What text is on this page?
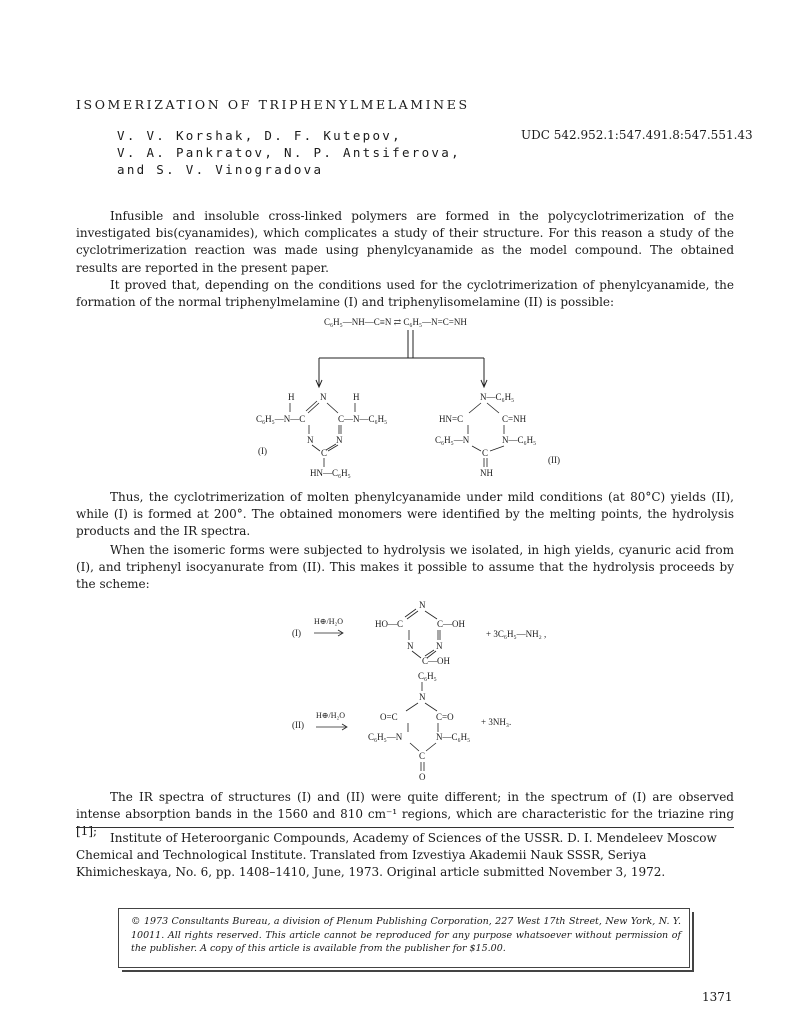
ISOMERIZATION OF TRIPHENYLMELAMINES
V. V. Korshak, D. F. Kutepov,
V. A. Pankratov, N. P. Antsiferova,
and S. V. Vinogradova
UDC 542.952.1:547.491.8:547.551.43
Infusible and insoluble cross-linked polymers are formed in the polycyclotrimerization of the investigated bis(cyanamides), which complicates a study of their structure. For this reason a study of the cyclotrimerization reaction was made using phenylcyanamide as the model compound. The obtained results are reported in the present paper.
It proved that, depending on the conditions used for the cyclotrimerization of phenylcyanamide, the formation of the normal triphenylmelamine (I) and triphenylisomelamine (II) is possible:
C₆H₅—NH—C≡N ⇄ C₆H₅—N=C=NH
H	N	H
C₆H₅—N—C	C—N—C₆H₅
N	N
C
HN—C₆H₅
(I)
N—C₆H₅
HN=C	C=NH
C₆H₅—N	N—C₆H₅
C
NH
(II)
Thus, the cyclotrimerization of molten phenylcyanamide under mild conditions (at 80°C) yields (II), while (I) is formed at 200°. The obtained monomers were identified by the melting points, the hydrolysis products and the IR spectra.
When the isomeric forms were subjected to hydrolysis we isolated, in high yields, cyanuric acid from (I), and triphenyl isocyanurate from (II). This makes it possible to assume that the hydrolysis proceeds by the scheme:
(I)
H⊕/H₂O
N
HO—C	C—OH
N	N
C—OH
+ 3C₆H₅—NH₂ ,
C₆H₅
N
(II)
H⊕/H₂O	O=C	C=O
C₆H₅—N	N—C₆H₅
C
O
+ 3NH₃.
The IR spectra of structures (I) and (II) were quite different; in the spectrum of (I) are observed intense absorption bands in the 1560 and 810 cm⁻¹ regions, which are characteristic for the triazine ring [1];	Institute of Heteroorganic Compounds, Academy of Sciences of the USSR. D. I. Mendeleev Moscow Chemical and Technological Institute. Translated from Izvestiya Akademii Nauk SSSR, Seriya Khimicheskaya, No. 6, pp. 1408–1410, June, 1973. Original article submitted November 3, 1972.
© 1973 Consultants Bureau, a division of Plenum Publishing Corporation, 227 West 17th Street, New York, N. Y. 10011. All rights reserved. This article cannot be reproduced for any purpose whatsoever without permission of the publisher. A copy of this article is available from the publisher for $15.00.
1371
